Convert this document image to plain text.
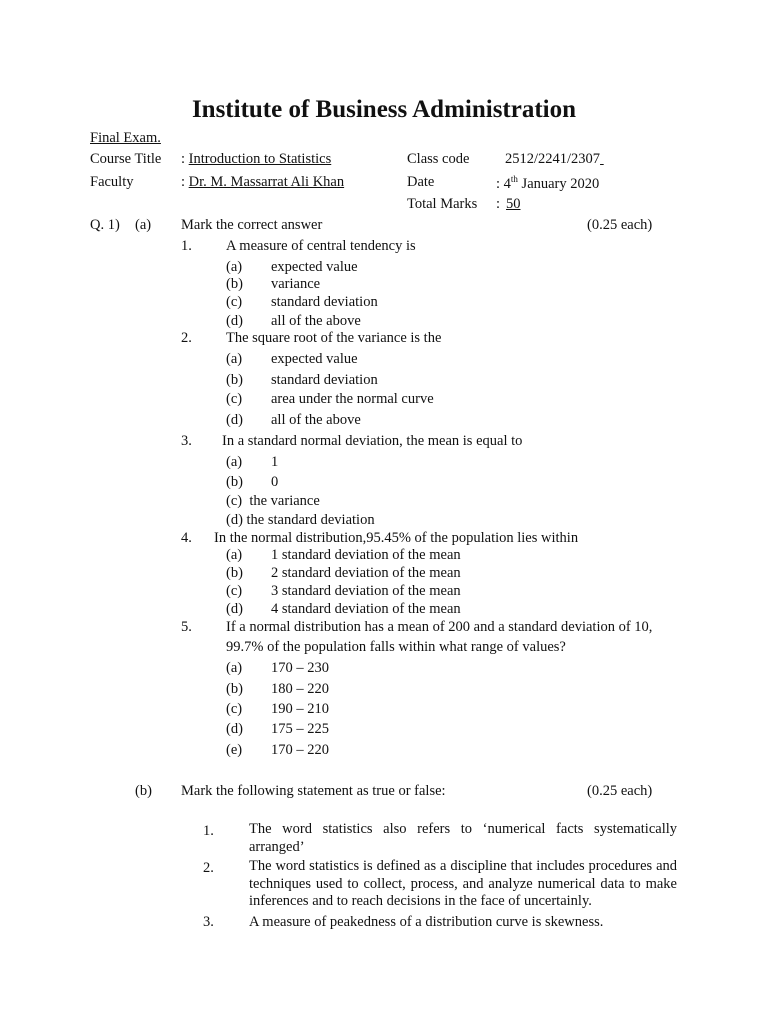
Institute of Business Administration
Final Exam.
Course Title : Introduction to Statistics
Faculty	: Dr. M. Massarrat Ali Khan
Class code 2512/2241/2307
Date	: 4th January 2020
Total Marks : 50
Q. 1) (a) Mark the correct answer	(0.25 each)
1. A measure of central tendency is
(a) expected value
(b) variance
(c) standard deviation
(d) all of the above
2. The square root of the variance is the
(a) expected value
(b) standard deviation
(c) area under the normal curve
(d) all of the above
3. In a standard normal deviation, the mean is equal to
(a) 1
(b) 0
(c)  the variance
(d) the standard deviation
4. In the normal distribution,95.45% of the population lies within
(a) 1 standard deviation of the mean
(b) 2 standard deviation of the mean
(c) 3 standard deviation of the mean
(d) 4 standard deviation of the mean
5. If a normal distribution has a mean of 200 and a standard deviation of 10,
99.7% of the population falls within what range of values?
(a) 170 – 230
(b) 180 – 220
(c) 190 – 210
(d) 175 – 225
(e) 170 – 220
(b) Mark the following statement as true or false:	(0.25 each)
1. The word statistics also refers to ‘numerical facts systematically arranged’
2. The word statistics is defined as a discipline that includes procedures and techniques used to collect, process, and analyze numerical data to make inferences and to reach decisions in the face of uncertainly.
3. A measure of peakedness of a distribution curve is skewness.
